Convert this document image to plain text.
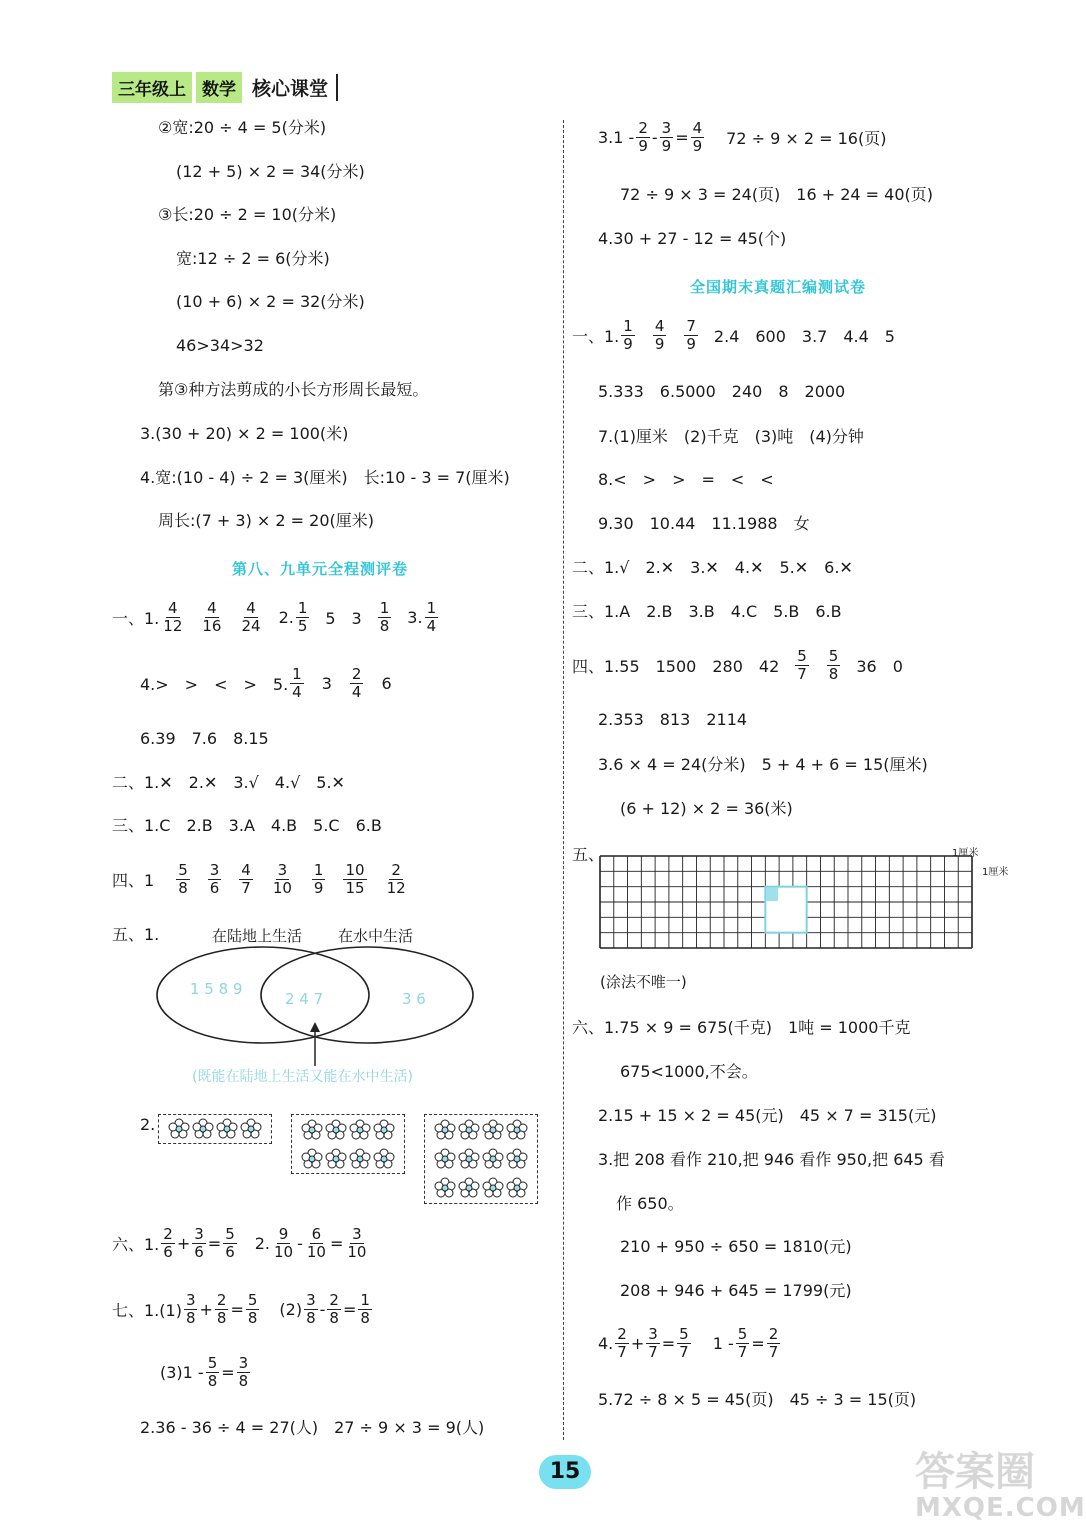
三年级上 数学 核心课堂
②宽:20 ÷ 4 = 5(分米)
(12 + 5) × 2 = 34(分米)
③长:20 ÷ 2 = 10(分米)
宽:12 ÷ 2 = 6(分米)
(10 + 6) × 2 = 32(分米)
46>34>32
第③种方法剪成的小长方形周长最短。
3.(30 + 20) × 2 = 100(米)
4.宽:(10 - 4) ÷ 2 = 3(厘米)　长:10 - 3 = 7(厘米)
周长:(7 + 3) × 2 = 20(厘米)
第八、九单元全程测评卷
一、1. $\frac{4}{12} \frac{4}{16} \frac{4}{24} 2$. $\frac{1}{5} 5$　$3 \frac{1}{8} 3$. $\frac{1}{4}$
4.>　>　<　>　5. $\frac{1}{4} 3 \frac{2}{4} 6$
6.39　7.6　8.15
二、1.✕　2.✕　3.√　4.√　5.✕
三、1.C　2.B　3.A　4.B　5.C　6.B
四、$1 \frac{5}{8} \frac{3}{6} \frac{4}{7} \frac{3}{10} \frac{1}{9} \frac{10}{15} \frac{2}{12}$
五、1.	在陆地上生活 在水中生活
1 5 8 9
2 4 7	3 6
(既能在陆地上生活又能在水中生活)
2.
六、1. $\frac{2}{6} + \frac{3}{6} = \frac{5}{6} 2$. $\frac{9}{10} - \frac{6}{10} = \frac{3}{10}$
七、$1.(1) \frac{3}{8} + \frac{2}{8} = \frac{5}{8} (2) \frac{3}{8} - \frac{2}{8} = \frac{1}{8}$
$(3)1 - \frac{5}{8} = \frac{3}{8}$
2.36 - 36 ÷ 4 = 27(人)　27 ÷ 9 × 3 = 9(人)
$3.1 - \frac{2}{9} - \frac{3}{9} = \frac{4}{9} 72 \div 9 \times 2 = 16$(页)
72 ÷ 9 × 3 = 24(页)　16 + 24 = 40(页)
4.30 + 27 - 12 = 45(个)
全国期末真题汇编测试卷
一、1. $\frac{1}{9} \frac{4}{9} \frac{7}{9} 2.4$　600　3.7　4.4　5
5.333　6.5000　240　8　2000
7.(1)厘米　(2)千克　(3)吨　(4)分钟
8.<　>　>　=　<　<
9.30　10.44　11.1988　女
二、1.√　2.✕　3.✕　4.✕　5.✕　6.✕
三、1.A　2.B　3.B　4.C　5.B　6.B
四、1.55　1500　280　$42 \frac{5}{7} \frac{5}{8} 36$　0
2.353　813　2114
3.6 × 4 = 24(分米)　5 + 4 + 6 = 15(厘米)
(6 + 12) × 2 = 36(米)
五、	1厘米
1厘米
(涂法不唯一)
六、1.75 × 9 = 675(千克)　1吨 = 1000千克
675<1000,不会。
2.15 + 15 × 2 = 45(元)　45 × 7 = 315(元)
3.把 208 看作 210,把 946 看作 950,把 645 看
作 650。
210 + 950 ÷ 650 = 1810(元)
208 + 946 + 645 = 1799(元)
4. $\frac{2}{7} + \frac{3}{7} = \frac{5}{7} 1 - \frac{5}{7} = \frac{2}{7}$
5.72 ÷ 8 × 5 = 45(页)　45 ÷ 3 = 15(页)
15	答案圈
MXQE.COM
